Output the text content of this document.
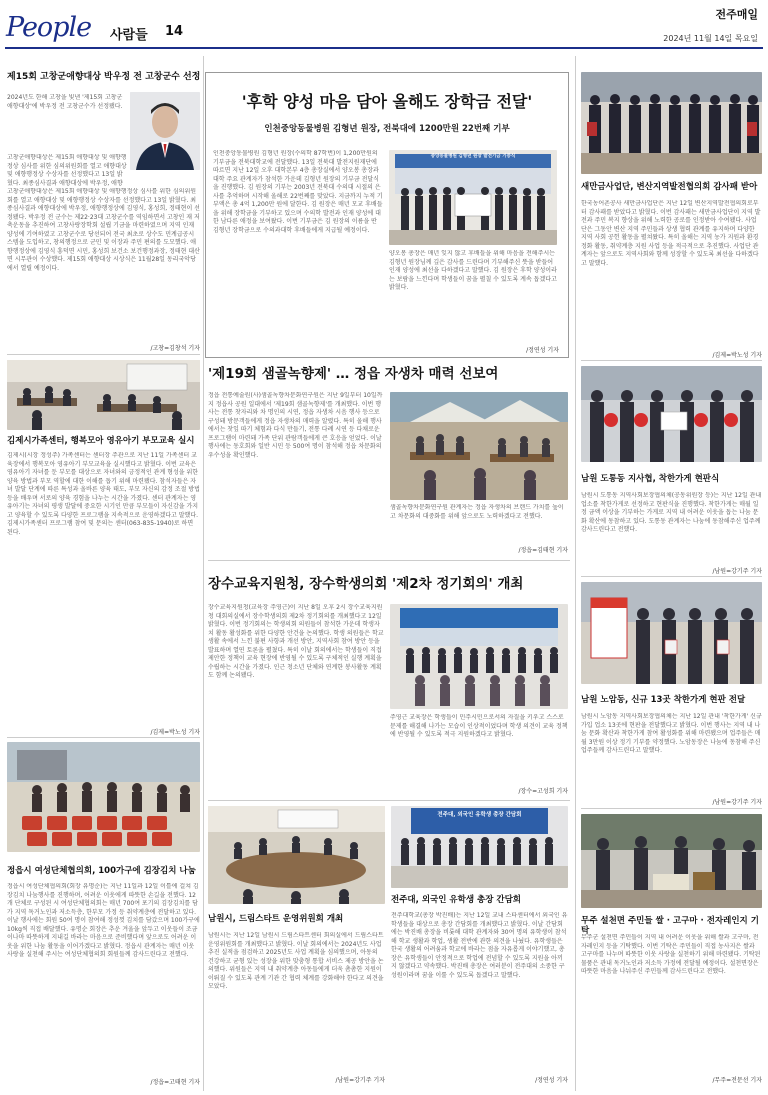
People 사람들 14
전주매일
2024년 11월 14일 목요일
제15회 고창군애향대상 박우정 전 고창군수 선정
2024년도 한해 고창을 빛낸 '제15회 고창군 애향대상'에 박우정 전 고창군수가 선정됐다.
고창군애향대상은 제15회 애향대상 및 애향행정상 심사를 위한 심의위원회를 열고 애향대상 및 애향행정상 수상자를 선정했다고 13일 밝혔다. 최종심사결과 애향대상에 박우정, 애향
고창군애향대상은 제15회 애향대상 및 애향행정상 심사를 위한 심의위원회를 열고 애향대상 및 애향행정상 수상자를 선정했다고 13일 밝혔다. 최종심사결과 애향대상에 박우정, 애향행정상에 김영식, 홍성희, 정태현이 선정됐다. 박우정 전 군수는 제22·23대 고창군수를 역임하면서 고창인 재 저축운동을 추진하여 고창사랑장학회 설립 기금을 마련하였으며 지역 인재 양성에 기여하였고 고창군수로 당선되어 전국 최초로 상수도 민계급공시스템을 도입하고, 창의행정으로 군민 및 이장과 주민 편의를 도모했다. 애향행정상에 김영식 흥덕면 시민, 홍성희 보건소 보건행정과장, 정태현 대산면 시무관이 수상했다. 제15회 애향대상 시상식은 11월28일 동리국악당에서 열릴 예정이다.
/고창=김창석 기자
김제시가족센터, 행복모아 영유아기 부모교육 실시
김제시(시장 정성주) 가족센터는 센터장 주관으로 지난 11일 가족센터 교육장에서 행복모아 영유아기 부모교육을 실시했다고 밝혔다. 이번 교육은 영유아기 자녀를 둔 부모를 대상으로 자녀와의 긍정적인 관계 형성을 위한 양육 방법과 부모 역할에 대한 이해를 돕기 위해 마련됐다. 참석자들은 자녀 발달 단계에 따른 특성과 올바른 양육 태도, 부모 자신의 감정 조절 방법 등을 배우며 서로의 양육 경험을 나누는 시간을 가졌다. 센터 관계자는 영유아기는 자녀의 평생 발달에 중요한 시기인 만큼 부모들이 자신감을 가지고 양육할 수 있도록 다양한 프로그램을 지속적으로 운영하겠다고 말했다. 김제시가족센터 프로그램 참여 및 문의는 센터(063-835-1940)로 하면 된다.
/김제=박노성 기자
정읍시 여성단체협의회, 100가구에 김장김치 나눔
정읍시 여성단체협의회(회장 유명순)는 지난 11일과 12일 이틀에 걸쳐 김장김치 나눔행사를 진행하며, 어려운 이웃에게 따뜻한 손길을 전했다. 12개 단체로 구성된 시 여성단체협의회는 매년 700여 포기의 김장김치를 담가 지역 독거노인과 저소득층, 한부모 가정 등 취약계층에 전달하고 있다. 이날 행사에는 회원 50여 명이 참여해 정성껏 김치를 담갔으며 100가구에 10kg씩 직접 배달했다. 유명순 회장은 추운 겨울을 앞두고 이웃들이 조금이나마 따뜻하게 지내길 바라는 마음으로 준비했다며 앞으로도 어려운 이웃을 위한 나눔 활동을 이어가겠다고 밝혔다. 정읍시 관계자는 매년 이웃 사랑을 실천해 주시는 여성단체협의회 회원들께 감사드린다고 전했다.
/정읍=고태현 기자
'후학 양성 마음 담아 올해도 장학금 전달'
인천중앙동물병원 김형년 원장, 전북대에 1200만원 22번째 기부
인천중앙동물병원 김형년 원장(수의학 87학번)이 1,200만원의 기부금을 전북대학교에 전달했다. 13일 전북대 발전지원재단에 따르면 지난 12일 오후 대학본부 4층 총장실에서 양오봉 총장과 대학 주요 관계자가 참석한 가운데 김형년 원장의 기부금 전달식을 진행했다. 김 원장의 기부는 2003년 전북대 수의대 시절의 은사를 추억하며 시작해 올해로 22번째를 맞았다. 지금까지 누적 기부액은 총 4억 1,200만 원에 달한다. 김 원장은 매년 모교 후배들을 위해 장학금을 기부하고 있으며 수의학 발전과 인재 양성에 대한 남다른 애정을 보여왔다. 이번 기부금은 김 원장의 이름을 딴 김형년 장학금으로 수의과대학 후배들에게 지급될 예정이다.
중앙동물병원 김형년 원장 발전기금 기증식
양오봉 총장은 매년 잊지 않고 후배들을 위해 마음을 전해주시는 김형년 원장님께 깊은 감사를 드린다며 기부해주신 뜻을 받들어 인재 양성에 최선을 다하겠다고 말했다. 김 원장은 후학 양성이라는 보람을 느낀다며 학생들이 꿈을 펼칠 수 있도록 계속 돕겠다고 밝혔다.
/정연성 기자
'제19회 샘골녹향제' … 정읍 자생차 매력 선보여
정읍 전통예술원(사)샘골녹향차문화연구원은 지난 9일부터 10일까지 정읍사 공원 일대에서 '제19회 샘골녹향제'를 개최했다. 이번 행사는 전통 찻자리와 차 명인의 시연, 정읍 자생차 시음 행사 등으로 구성돼 방문객들에게 정읍 자생차의 매력을 알렸다. 특히 올해 행사에서는 찻잎 따기 체험과 다식 만들기, 전통 다례 시연 등 다채로운 프로그램이 마련돼 가족 단위 관람객들에게 큰 호응을 얻었다. 이날 행사에는 동호회와 일반 시민 등 500여 명이 참석해 정읍 차문화의 우수성을 확인했다.
샘골녹향차문화연구원 관계자는 정읍 자생차의 브랜드 가치를 높이고 차문화의 대중화를 위해 앞으로도 노력하겠다고 전했다.
/정읍=김태현 기자
장수교육지원청, 장수학생의회 '제2차 정기회의' 개최
장수교육지원청(교육장 주영근)이 지난 8일 오후 2시 장수교육지원청 대회의실에서 장수학생의회 제2차 정기회의를 개최했다고 12일 밝혔다. 이번 정기회의는 학생의회 의원들이 참석한 가운데 학생자치 활동 활성화를 위한 다양한 안건을 논의했다. 학생 의원들은 학교생활 속에서 느낀 불편 사항과 개선 방안, 지역사회 참여 방안 등을 발표하며 열띤 토론을 펼쳤다. 특히 이날 회의에서는 학생들이 직접 제안한 정책이 교육 현장에 반영될 수 있도록 구체적인 실행 계획을 수립하는 시간을 가졌다. 인근 청소년 단체와 연계한 봉사활동 계획도 함께 논의됐다.
주영근 교육장은 학생들이 민주시민으로서의 자질을 키우고 스스로 문제를 해결해 나가는 모습이 인상적이었다며 학생 의견이 교육 정책에 반영될 수 있도록 적극 지원하겠다고 밝혔다.
/장수=고성희 기자
남원시, 드림스타트 운영위원회 개최
남원시는 지난 12일 남원시 드림스타트센터 회의실에서 드림스타트 운영위원회를 개최했다고 밝혔다. 이날 회의에서는 2024년도 사업 추진 실적을 점검하고 2025년도 사업 계획을 심의했으며, 아동의 건강하고 균형 있는 성장을 위한 맞춤형 통합 서비스 제공 방안을 논의했다. 위원들은 지역 내 취약계층 아동들에게 더욱 촘촘한 지원이 이뤄질 수 있도록 관계 기관 간 협력 체계를 강화해야 한다고 의견을 모았다.
/남원=강기주 기자
전주대, 외국인 유학생 총장 간담회
전주대, 외국인 유학생 총장 간담회
전주대학교(총장 박진배)는 지난 12일 교내 스타센터에서 외국인 유학생들을 대상으로 총장 간담회를 개최했다고 밝혔다. 이날 간담회에는 박진배 총장을 비롯해 대학 관계자와 30여 명의 유학생이 참석해 학교 생활과 학업, 생활 전반에 관한 의견을 나눴다. 유학생들은 한국 생활의 어려움과 학교에 바라는 점을 자유롭게 이야기했고, 총장은 유학생들이 안정적으로 학업에 전념할 수 있도록 지원을 아끼지 않겠다고 약속했다. 박진배 총장은 여러분이 전주대의 소중한 구성원이라며 꿈을 이룰 수 있도록 돕겠다고 말했다.
/정연성 기자
새만금사업단, 변산지역발전협의회 감사패 받아
한국농어촌공사 새만금사업단은 지난 12일 변산지역발전협의회로부터 감사패를 받았다고 밝혔다. 이번 감사패는 새만금사업단이 지역 발전과 주민 복지 향상을 위해 노력한 공로를 인정받아 수여됐다. 사업단은 그동안 변산 지역 주민들과 상생 협력 관계를 유지하며 다양한 지역 사회 공헌 활동을 펼쳐왔다. 특히 올해는 지역 농가 지원과 환경 정화 활동, 취약계층 지원 사업 등을 적극적으로 추진했다. 사업단 관계자는 앞으로도 지역사회와 함께 성장할 수 있도록 최선을 다하겠다고 말했다.
/김제=박노성 기자
남원 도통동 지사협, 착한가게 현판식
남원시 도통동 지역사회보장협의체(공동위원장 등)는 지난 12일 관내 업소를 착한가게로 선정하고 현판식을 진행했다. 착한가게는 매월 일정 금액 이상을 기부하는 가게로 지역 내 어려운 이웃을 돕는 나눔 문화 확산에 동참하고 있다. 도통동 관계자는 나눔에 동참해주신 업주께 감사드린다고 전했다.
/남원=강기주 기자
남원 노암동, 신규 13곳 착한가게 현판 전달
남원시 노암동 지역사회보장협의체는 지난 12일 관내 '착한가게' 신규 가입 업소 13곳에 현판을 전달했다고 밝혔다. 이번 행사는 지역 내 나눔 문화 확산과 착한가게 참여 활성화를 위해 마련됐으며 업주들은 매월 3만원 이상 정기 기부를 약정했다. 노암동장은 나눔에 동참해 주신 업주들께 감사드린다고 말했다.
/남원=강기주 기자
무주 설천면 주민들 쌀 · 고구마 · 전자레인지 기탁
무주군 설천면 주민들이 지역 내 어려운 이웃을 위해 쌀과 고구마, 전자레인지 등을 기탁했다. 이번 기탁은 주민들이 직접 농사지은 쌀과 고구마를 나누며 따뜻한 이웃 사랑을 실천하기 위해 마련됐다. 기탁된 물품은 관내 독거노인과 저소득 가정에 전달될 예정이다. 설천면장은 따뜻한 마음을 나눠주신 주민들께 감사드린다고 전했다.
/무주=전문선 기자
